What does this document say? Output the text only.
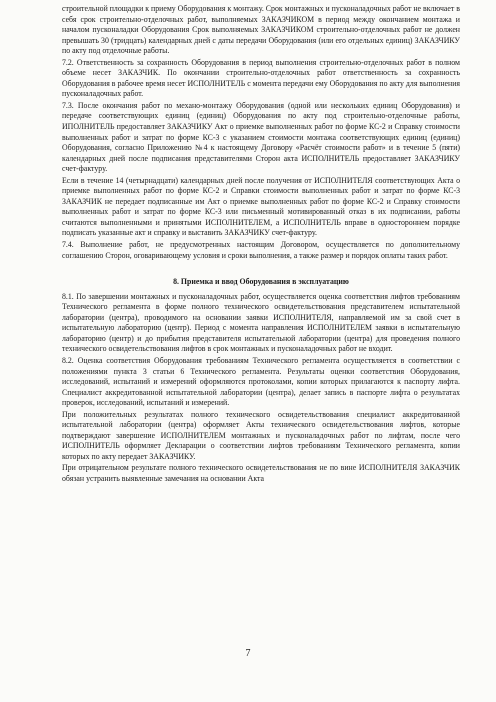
строительной площадки к приему Оборудования к монтажу. Срок монтажных и пусконаладочных работ не включает в себя срок строительно-отделочных работ, выполняемых ЗАКАЗЧИКОМ в период между окончанием монтажа и началом пусконаладки Оборудования Срок выполняемых ЗАКАЗЧИКОМ строительно-отделочных работ не должен превышать 30 (тридцать) календарных дней с даты передачи Оборудования (или его отдельных единиц) ЗАКАЗЧИКУ по акту под отделочные работы.

7.2. Ответственность за сохранность Оборудования в период выполнения строительно-отделочных работ в полном объеме несет ЗАКАЗЧИК. По окончании строительно-отделочных работ ответственность за сохранность Оборудования в рабочее время несет ИСПОЛНИТЕЛЬ с момента передачи ему Оборудования по акту для выполнения пусконаладочных работ.

7.3. После окончания работ по механо-монтажу Оборудования (одной или нескольких единиц Оборудования) и передаче соответствующих единиц (единиц) Оборудования по акту под строительно-отделочные работы, ИПОЛНИТЕЛЬ предоставляет ЗАКАЗЧИКУ Акт о приемке выполненных работ по форме КС-2 и Справку стоимости выполненных работ и затрат по форме КС-3 с указанием стоимости монтажа соответствующих единиц (единиц) Оборудования, согласно Приложению №4 к настоящему Договору «Расчёт стоимости работ» и в течение 5 (пяти) календарных дней после подписания представителями Сторон акта ИСПОЛНИТЕЛЬ предоставляет ЗАКАЗЧИКУ счет-фактуру.

Если в течение 14 (четырнадцати) календарных дней после получения от ИСПОЛНИТЕЛЯ соответствующих Акта о приемке выполненных работ по форме КС-2 и Справки стоимости выполненных работ и затрат по форме КС-3 ЗАКАЗЧИК не передает подписанные им Акт о приемке выполненных работ по форме КС-2 и Справку стоимости выполненных работ и затрат по форме КС-3 или письменный мотивированный отказ в их подписании, работы считаются выполненными и принятыми ИСПОЛНИТЕЛЕМ, а ИСПОЛНИТЕЛЬ вправе в одностороннем порядке подписать указанные акт и справку и выставить ЗАКАЗЧИКУ счет-фактуру.

7.4. Выполнение работ, не предусмотренных настоящим Договором, осуществляется по дополнительному соглашению Сторон, оговаривающему условия и сроки выполнения, а также размер и порядок оплаты таких работ.

8. Приемка и ввод Оборудования в эксплуатацию

8.1. По завершении монтажных и пусконаладочных работ, осуществляется оценка соответствия лифтов требованиям Технического регламента в форме полного технического освидетельствования представителем испытательной лаборатории (центра), проводимого на основании заявки ИСПОЛНИТЕЛЯ, направляемой им за свой счет в испытательную лабораторию (центр). Период с момента направления ИСПОЛНИТЕЛЕМ заявки в испытательную лабораторию (центр) и до прибытия представителя испытательной лаборатории (центра) для проведения полного технического освидетельствования лифтов в срок монтажных и пусконаладочных работ не входит.

8.2. Оценка соответствия Оборудования требованиям Технического регламента осуществляется в соответствии с положениями пункта 3 статьи 6 Технического регламента. Результаты оценки соответствия Оборудования, исследований, испытаний и измерений оформляются протоколами, копии которых прилагаются к паспорту лифта. Специалист аккредитованной испытательной лаборатории (центра), делает запись в паспорте лифта о результатах проверок, исследований, испытаний и измерений.

При положительных результатах полного технического освидетельствования специалист аккредитованной испытательной лаборатории (центра) оформляет Акты технического освидетельствования лифтов, которые подтверждают завершение ИСПОЛНИТЕЛЕМ монтажных и пусконаладочных работ по лифтам, после чего ИСПОЛНИТЕЛЬ оформляет Декларации о соответствии лифтов требованиям Технического регламента, копии которых по акту передает ЗАКАЗЧИКУ.

При отрицательном результате полного технического освидетельствования не по вине ИСПОЛНИТЕЛЯ ЗАКАЗЧИК обязан устранить выявленные замечания на основании Акта

7
